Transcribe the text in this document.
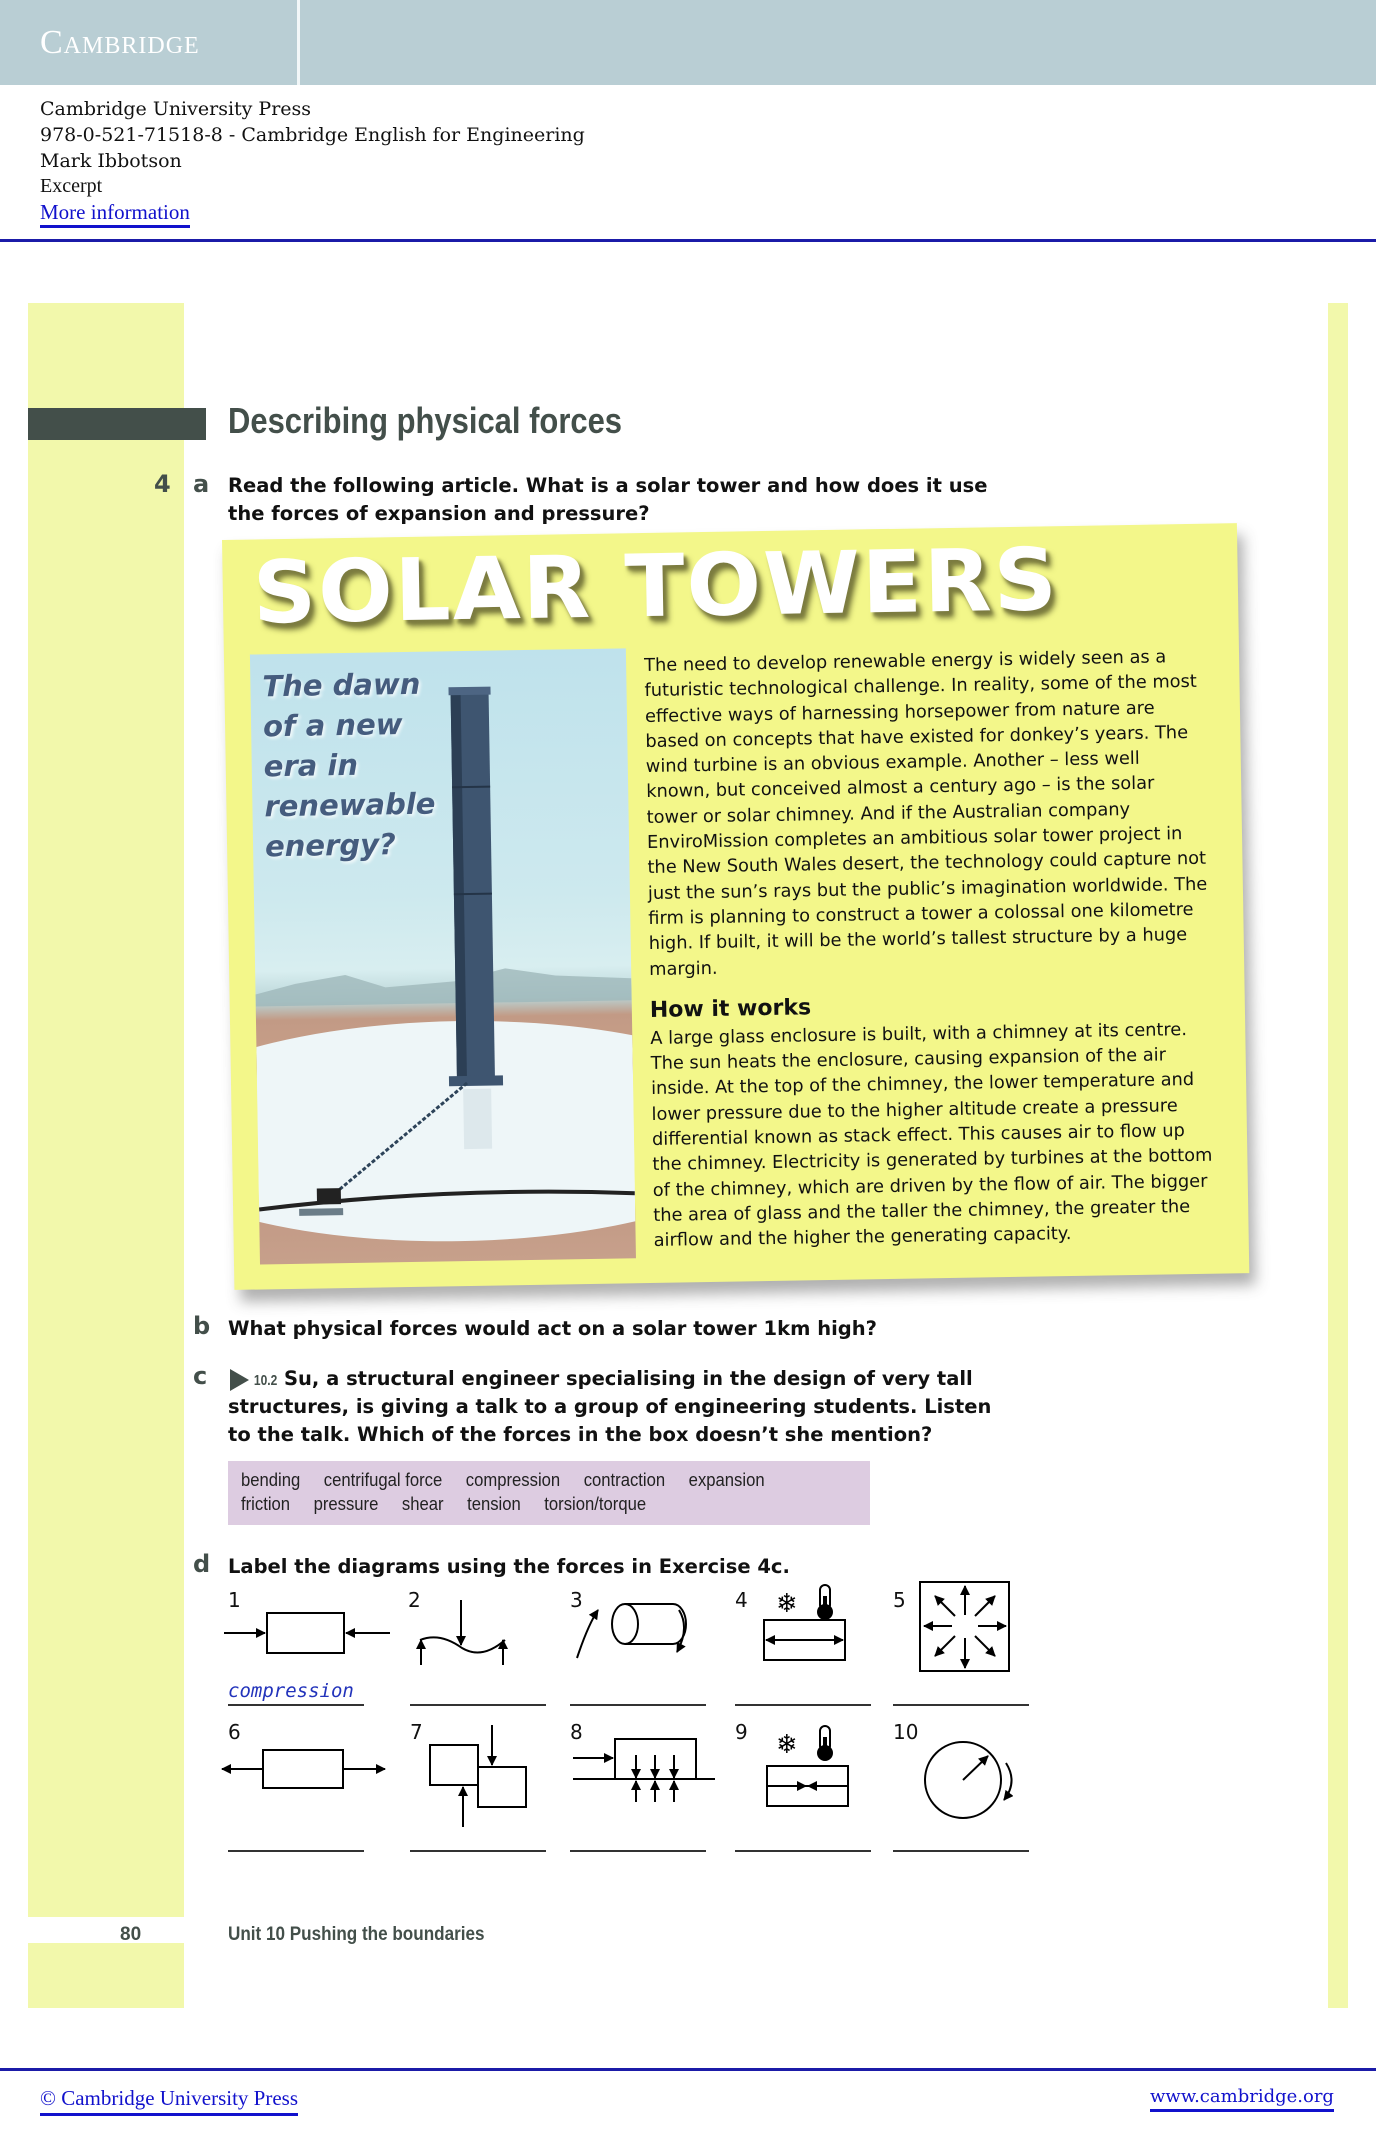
Cambridge
Cambridge University Press
978-0-521-71518-8 - Cambridge English for Engineering
Mark Ibbotson
Excerpt
More information
Describing physical forces
4 a Read the following article. What is a solar tower and how does it use the forces of expansion and pressure?
SOLAR TOWERS
The dawn of a new era in renewable energy?
The need to develop renewable energy is widely seen as a futuristic technological challenge. In reality, some of the most effective ways of harnessing horsepower from nature are based on concepts that have existed for donkey’s years. The wind turbine is an obvious example. Another – less well known, but conceived almost a century ago – is the solar tower or solar chimney. And if the Australian company EnviroMission completes an ambitious solar tower project in the New South Wales desert, the technology could capture not just the sun’s rays but the public’s imagination worldwide. The firm is planning to construct a tower a colossal one kilometre high. If built, it will be the world’s tallest structure by a huge margin.
How it works
A large glass enclosure is built, with a chimney at its centre. The sun heats the enclosure, causing expansion of the air inside. At the top of the chimney, the lower temperature and lower pressure due to the higher altitude create a pressure differential known as stack effect. This causes air to flow up the chimney. Electricity is generated by turbines at the bottom of the chimney, which are driven by the flow of air. The bigger the area of glass and the taller the chimney, the greater the airflow and the higher the generating capacity.
b What physical forces would act on a solar tower 1km high?
c	10.2 Su, a structural engineer specialising in the design of very tall structures, is giving a talk to a group of engineering students. Listen to the talk. Which of the forces in the box doesn’t she mention?
bending centrifugal force compression contraction expansion
friction pressure shear tension torsion/torque
d Label the diagrams using the forces in Exercise 4c.
1	2	3	4	5
6	7	8	9	10
❄
❄
compression
80	Unit 10 Pushing the boundaries
© Cambridge University Press	www.cambridge.org
